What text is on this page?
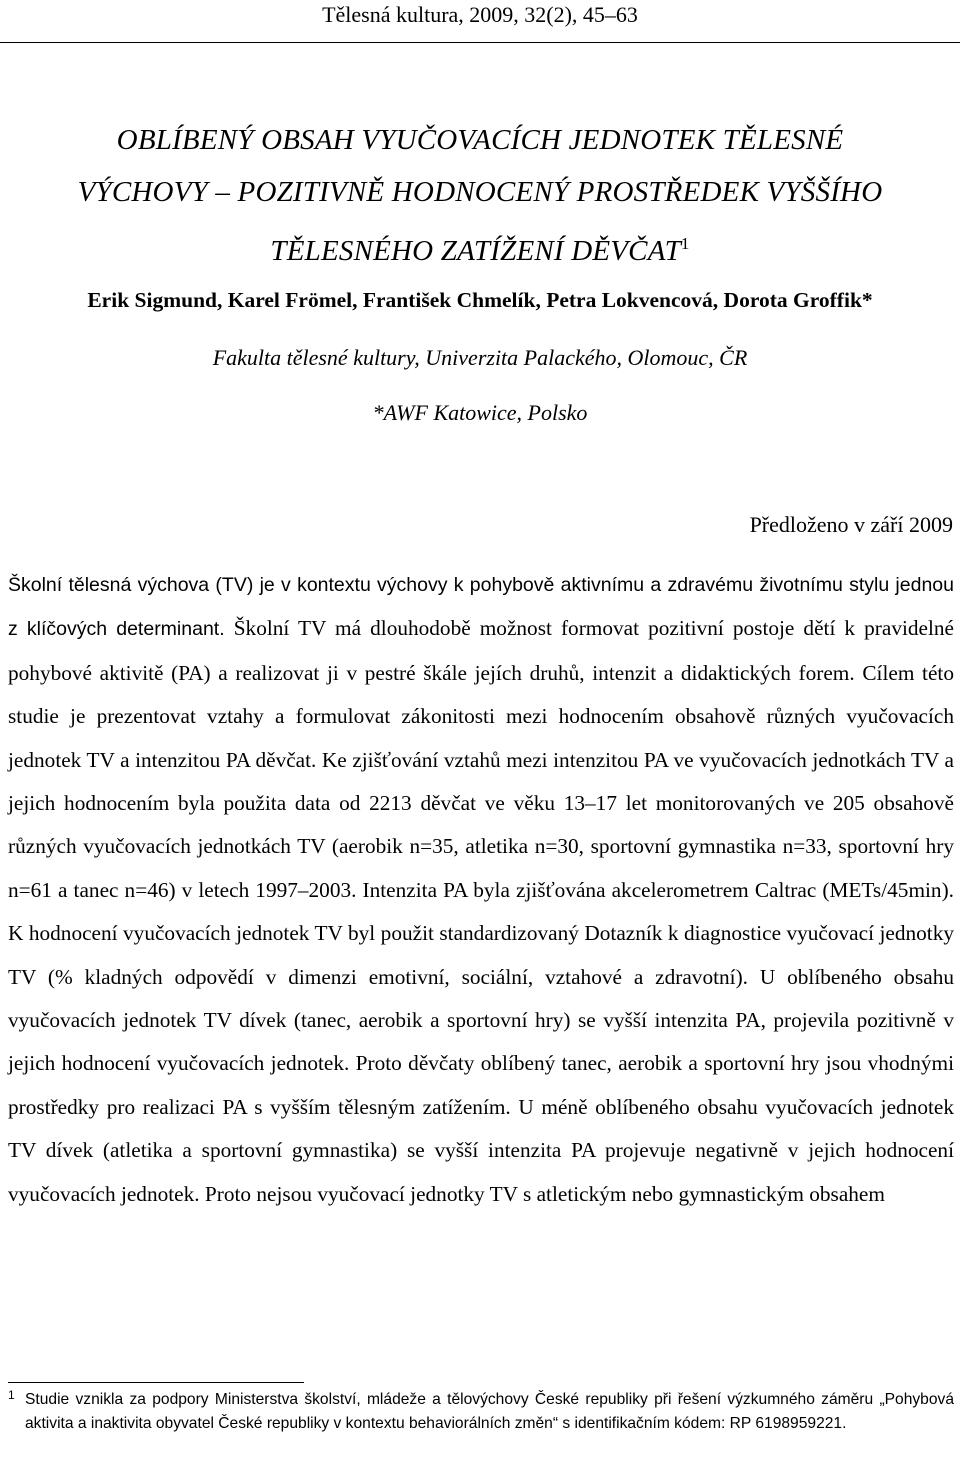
Tělesná kultura, 2009, 32(2), 45–63
OBLÍBENÝ OBSAH VYUČOVACÍCH JEDNOTEK TĚLESNÉ
VÝCHOVY – POZITIVNĚ HODNOCENÝ PROSTŘEDEK VYŠŠÍHO
TĚLESNÉHO ZATÍŽENÍ DĚVČAT$^1$
Erik Sigmund, Karel Frömel, František Chmelík, Petra Lokvencová, Dorota Groffik*
Fakulta tělesné kultury, Univerzita Palackého, Olomouc, ČR
*AWF Katowice, Polsko
Předloženo v září 2009
Školní tělesná výchova (TV) je v kontextu výchovy k pohybově aktivnímu a zdravému životnímu stylu jednou z klíčových determinant. Školní TV má dlouhodobě možnost formovat pozitivní postoje dětí k pravidelné pohybové aktivitě (PA) a realizovat ji v pestré škále jejích druhů, intenzit a didaktických forem. Cílem této studie je prezentovat vztahy a formulovat zákonitosti mezi hodnocením obsahově různých vyučovacích jednotek TV a intenzitou PA děvčat. Ke zjišťování vztahů mezi intenzitou PA ve vyučovacích jednotkách TV a jejich hodnocením byla použita data od 2213 děvčat ve věku 13–17 let monitorovaných ve 205 obsahově různých vyučovacích jednotkách TV (aerobik n=35, atletika n=30, sportovní gymnastika n=33, sportovní hry n=61 a tanec n=46) v letech 1997–2003. Intenzita PA byla zjišťována akcelerometrem Caltrac (METs/45min). K hodnocení vyučovacích jednotek TV byl použit standardizovaný Dotazník k diagnostice vyučovací jednotky TV (% kladných odpovědí v dimenzi emotivní, sociální, vztahové a zdravotní). U oblíbeného obsahu vyučovacích jednotek TV dívek (tanec, aerobik a sportovní hry) se vyšší intenzita PA, projevila pozitivně v jejich hodnocení vyučovacích jednotek. Proto děvčaty oblíbený tanec, aerobik a sportovní hry jsou vhodnými prostředky pro realizaci PA s vyšším tělesným zatížením. U méně oblíbeného obsahu vyučovacích jednotek TV dívek (atletika a sportovní gymnastika) se vyšší intenzita PA projevuje negativně v jejich hodnocení vyučovacích jednotek. Proto nejsou vyučovací jednotky TV s atletickým nebo gymnastickým obsahem
1 Studie vznikla za podpory Ministerstva školství, mládeže a tělovýchovy České republiky při řešení výzkumného záměru „Pohybová aktivita a inaktivita obyvatel České republiky v kontextu behaviorálních změn“ s identifikačním kódem: RP 6198959221.
